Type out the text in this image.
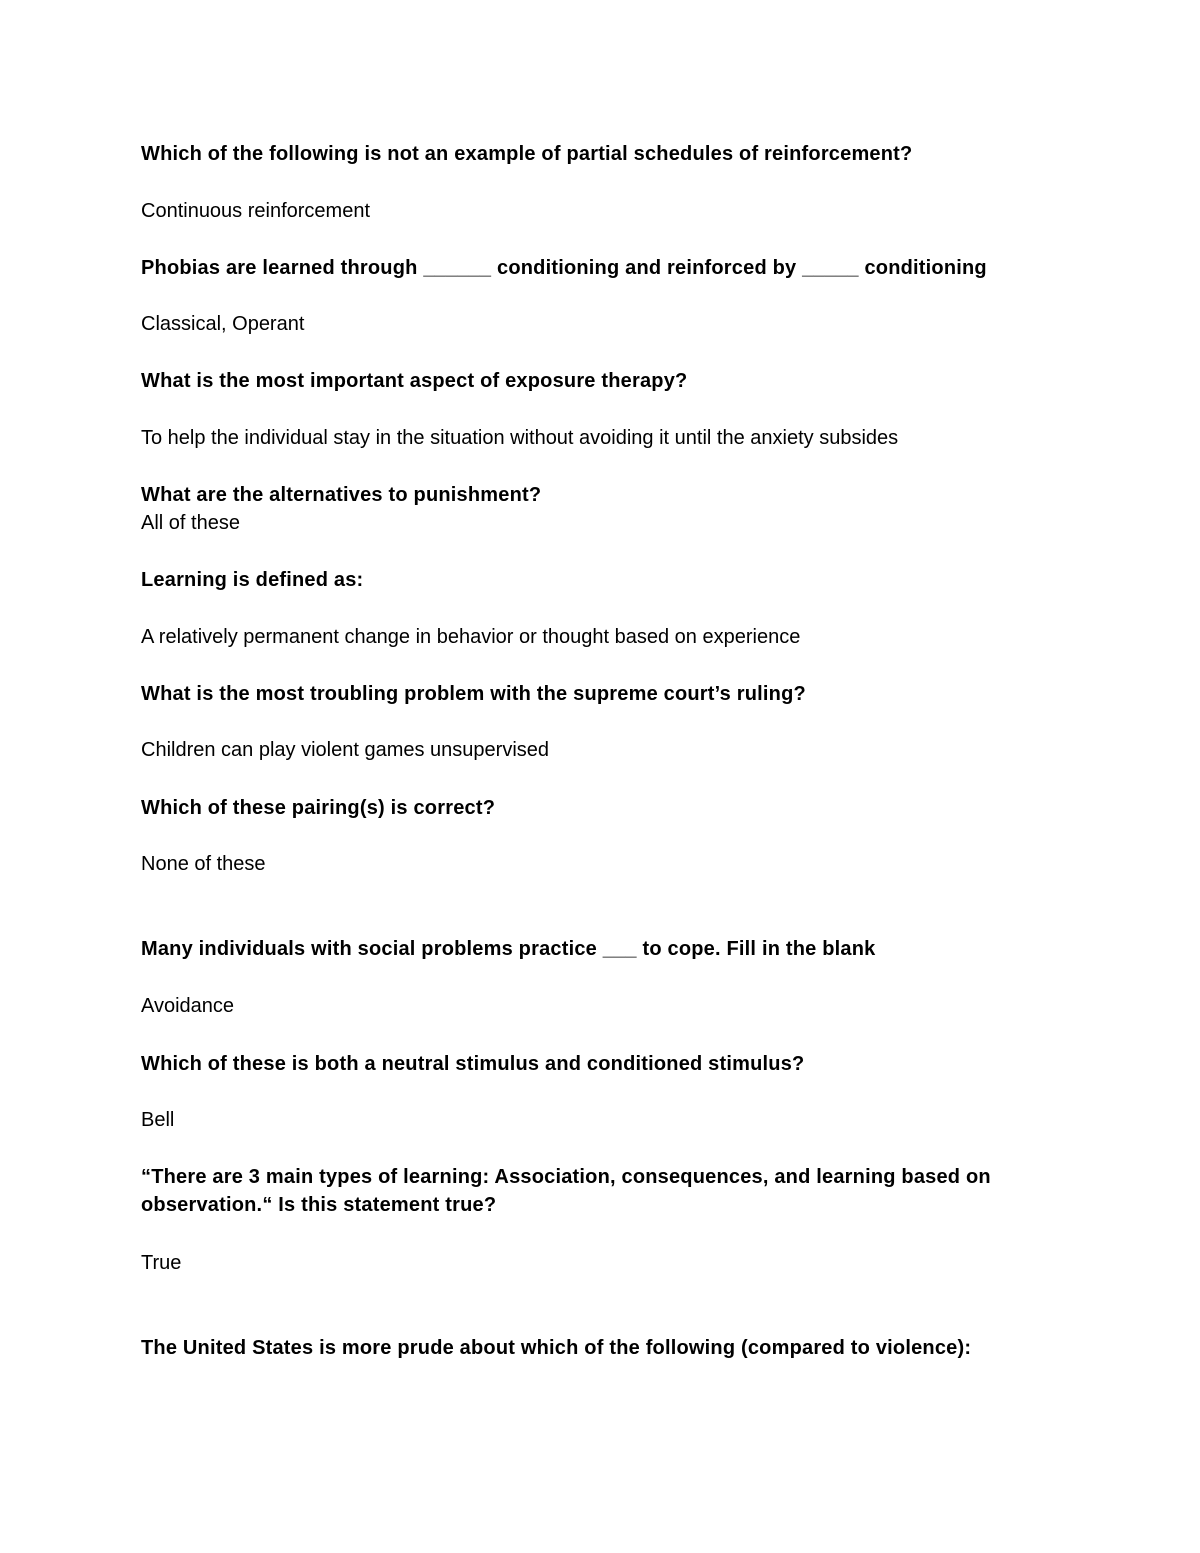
Which of the following is not an example of partial schedules of reinforcement?
Continuous reinforcement
Phobias are learned through ______ conditioning and reinforced by _____ conditioning
Classical, Operant
What is the most important aspect of exposure therapy?
To help the individual stay in the situation without avoiding it until the anxiety subsides
What are the alternatives to punishment?
All of these
Learning is defined as:
A relatively permanent change in behavior or thought based on experience
What is the most troubling problem with the supreme court’s ruling?
Children can play violent games unsupervised
Which of these pairing(s) is correct?
None of these
Many individuals with social problems practice ___ to cope. Fill in the blank
Avoidance
Which of these is both a neutral stimulus and conditioned stimulus?
Bell
“There are 3 main types of learning: Association, consequences, and learning based on observation.“ Is this statement true?
True
The United States is more prude about which of the following (compared to violence):
